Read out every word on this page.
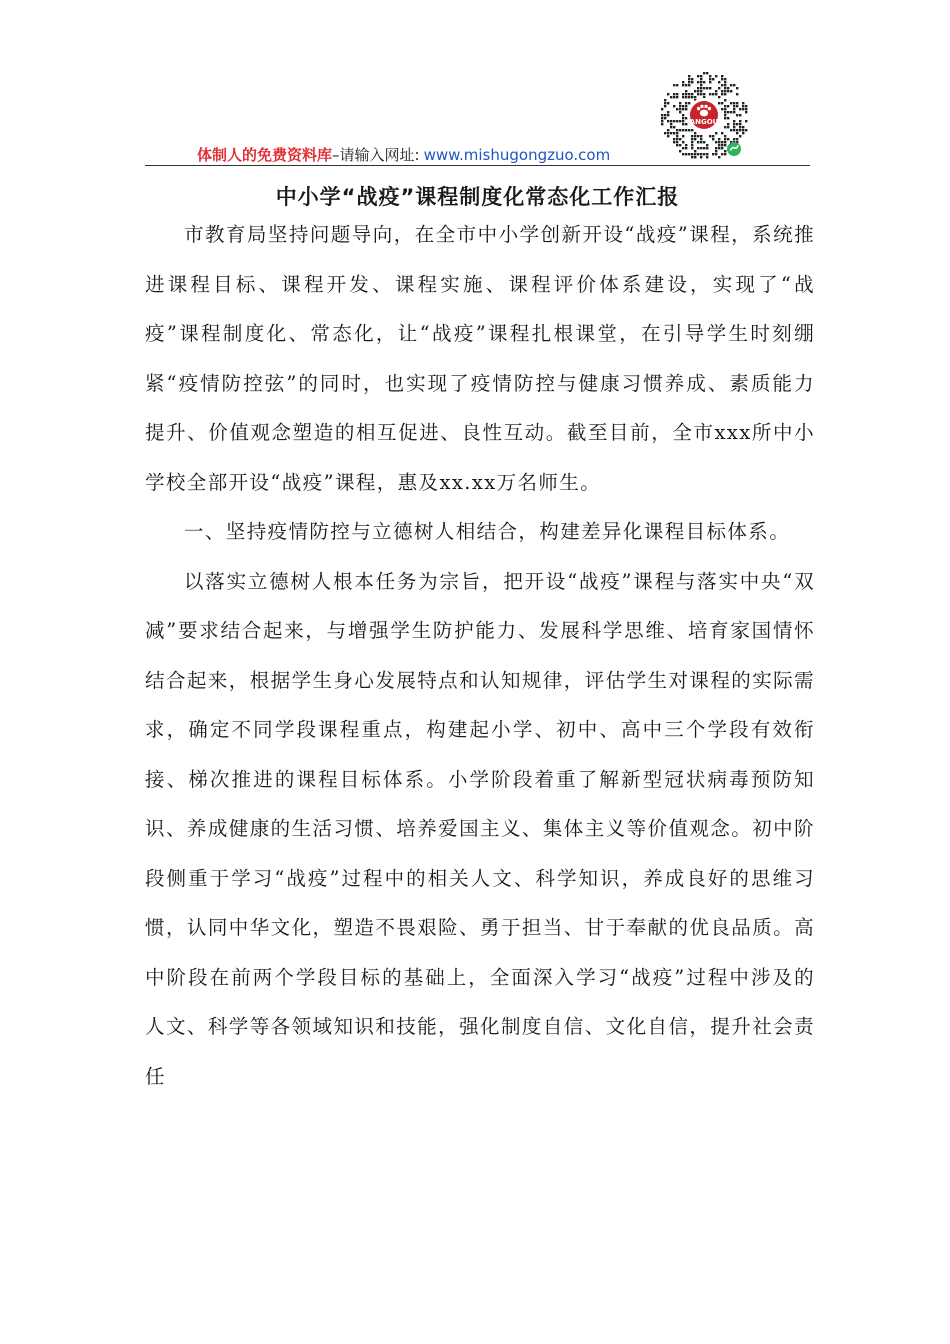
ANGOU
体制人的免费资料库–请输入网址: www.mishugongzuo.com
中小学“战疫”课程制度化常态化工作汇报

市教育局坚持问题导向，在全市中小学创新开设“战疫”课程，系统推进课程目标、课程开发、课程实施、课程评价体系建设，实现了“战疫”课程制度化、常态化，让“战疫”课程扎根课堂，在引导学生时刻绷紧“疫情防控弦”的同时，也实现了疫情防控与健康习惯养成、素质能力提升、价值观念塑造的相互促进、良性互动。截至目前，全市xxx所中小学校全部开设“战疫”课程，惠及xx.xx万名师生。

一、坚持疫情防控与立德树人相结合，构建差异化课程目标体系。

以落实立德树人根本任务为宗旨，把开设“战疫”课程与落实中央“双减”要求结合起来，与增强学生防护能力、发展科学思维、培育家国情怀结合起来，根据学生身心发展特点和认知规律，评估学生对课程的实际需求，确定不同学段课程重点，构建起小学、初中、高中三个学段有效衔接、梯次推进的课程目标体系。小学阶段着重了解新型冠状病毒预防知识、养成健康的生活习惯、培养爱国主义、集体主义等价值观念。初中阶段侧重于学习“战疫”过程中的相关人文、科学知识，养成良好的思维习惯，认同中华文化，塑造不畏艰险、勇于担当、甘于奉献的优良品质。高中阶段在前两个学段目标的基础上，全面深入学习“战疫”过程中涉及的人文、科学等各领域知识和技能，强化制度自信、文化自信，提升社会责任
